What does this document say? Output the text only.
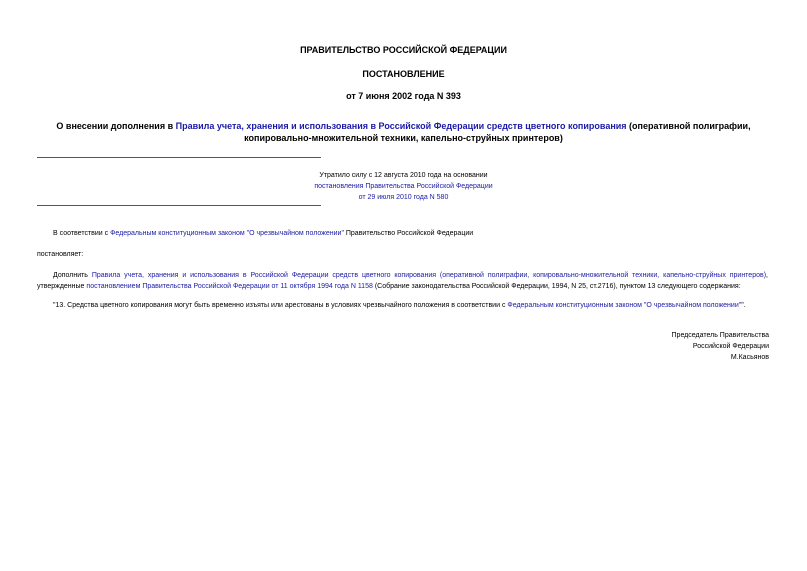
ПРАВИТЕЛЬСТВО РОССИЙСКОЙ ФЕДЕРАЦИИ
ПОСТАНОВЛЕНИЕ
от 7 июня 2002 года N 393
О внесении дополнения в Правила учета, хранения и использования в Российской Федерации средств цветного копирования (оперативной полиграфии, копировально-множительной техники, капельно-струйных принтеров)
Утратило силу с 12 августа 2010 года на основании
постановления Правительства Российской Федерации
от 29 июля 2010 года N 580
В соответствии с Федеральным конституционным законом "О чрезвычайном положении" Правительство Российской Федерации
постановляет:
Дополнить Правила учета, хранения и использования в Российской Федерации средств цветного копирования (оперативной полиграфии, копировально-множительной техники, капельно-струйных принтеров), утвержденные постановлением Правительства Российской Федерации от 11 октября 1994 года N 1158 (Собрание законодательства Российской Федерации, 1994, N 25, ст.2716), пунктом 13 следующего содержания:
"13. Средства цветного копирования могут быть временно изъяты или арестованы в условиях чрезвычайного положения в соответствии с Федеральным конституционным законом "О чрезвычайном положении"".
Председатель Правительства
Российской Федерации
М.Касьянов
